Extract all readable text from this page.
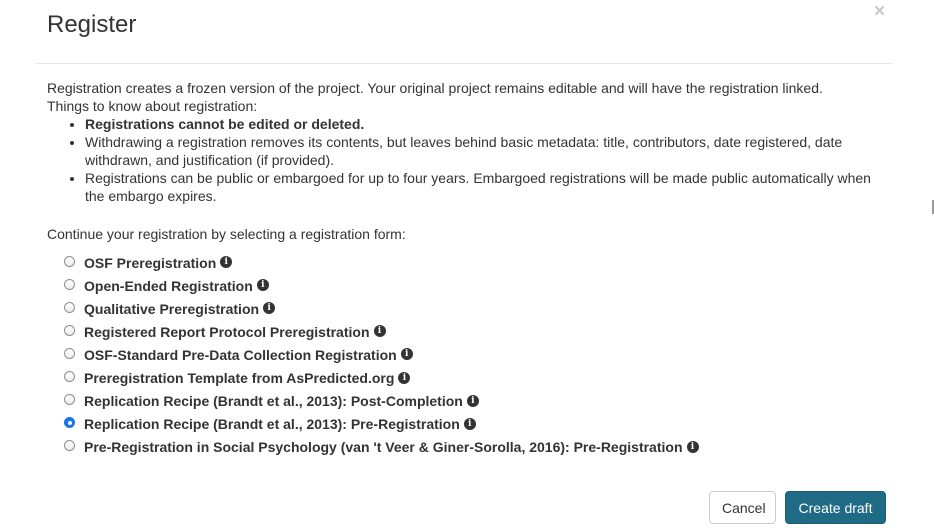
Register	×

Registration creates a frozen version of the project. Your original project remains editable and will have the registration linked.

Things to know about registration:

• Registrations cannot be edited or deleted.
• Withdrawing a registration removes its contents, but leaves behind basic metadata: title, contributors, date registered, date withdrawn, and justification (if provided).
• Registrations can be public or embargoed for up to four years. Embargoed registrations will be made public automatically when the embargo expires.
Continue your registration by selecting a registration form:
OSF Preregistration i
Open-Ended Registration i
Qualitative Preregistration i
Registered Report Protocol Preregistration i
OSF-Standard Pre-Data Collection Registration i
Preregistration Template from AsPredicted.org i
Replication Recipe (Brandt et al., 2013): Post-Completion i
Replication Recipe (Brandt et al., 2013): Pre-Registration i
Pre-Registration in Social Psychology (van 't Veer & Giner-Sorolla, 2016): Pre-Registration i
Cancel	Create draft
